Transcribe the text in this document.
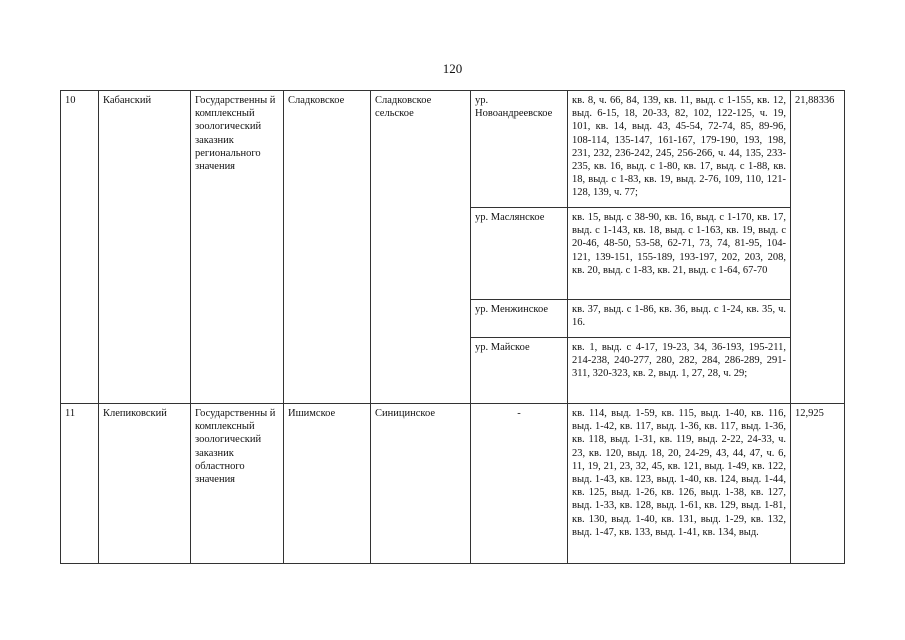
120
10	Кабанский	Государственны й комплексный зоологический заказник регионального значения	Сладковское	Сладковское сельское	ур. Новоандреевское	кв. 8, ч. 66, 84, 139, кв. 11, выд. с 1-155, кв. 12, выд. 6-15, 18, 20-33, 82, 102, 122-125, ч. 19, 101, кв. 14, выд. 43, 45-54, 72-74, 85, 89-96, 108-114, 135-147, 161-167, 179-190, 193, 198, 231, 232, 236-242, 245, 256-266, ч. 44, 135, 233-235, кв. 16, выд. с 1-80, кв. 17, выд. с 1-88, кв. 18, выд. с 1-83, кв. 19, выд. 2-76, 109, 110, 121-128, 139, ч. 77;	21,88336
					ур. Маслянское	кв. 15, выд. с 38-90, кв. 16, выд. с 1-170, кв. 17, выд. с 1-143, кв. 18, выд. с 1-163, кв. 19, выд. с 20-46, 48-50, 53-58, 62-71, 73, 74, 81-95, 104-121, 139-151, 155-189, 193-197, 202, 203, 208, кв. 20, выд. с 1-83, кв. 21, выд. с 1-64, 67-70	
					ур. Менжинское	кв. 37, выд. с 1-86, кв. 36, выд. с 1-24, кв. 35, ч. 16.	
					ур. Майское	кв. 1, выд. с 4-17, 19-23, 34, 36-193, 195-211, 214-238, 240-277, 280, 282, 284, 286-289, 291-311, 320-323, кв. 2, выд. 1, 27, 28, ч. 29;	
11	Клепиковский	Государственны й комплексный зоологический заказник областного значения	Ишимское	Синицинское	-	кв. 114, выд. 1-59, кв. 115, выд. 1-40, кв. 116, выд. 1-42, кв. 117, выд. 1-36, кв. 117, выд. 1-36, кв. 118, выд. 1-31, кв. 119, выд. 2-22, 24-33, ч. 23, кв. 120, выд. 18, 20, 24-29, 43, 44, 47, ч. 6, 11, 19, 21, 23, 32, 45, кв. 121, выд. 1-49, кв. 122, выд. 1-43, кв. 123, выд. 1-40, кв. 124, выд. 1-44, кв. 125, выд. 1-26, кв. 126, выд. 1-38, кв. 127, выд. 1-33, кв. 128, выд. 1-61, кв. 129, выд. 1-81, кв. 130, выд. 1-40, кв. 131, выд. 1-29, кв. 132, выд. 1-47, кв. 133, выд. 1-41, кв. 134, выд.	12,925
